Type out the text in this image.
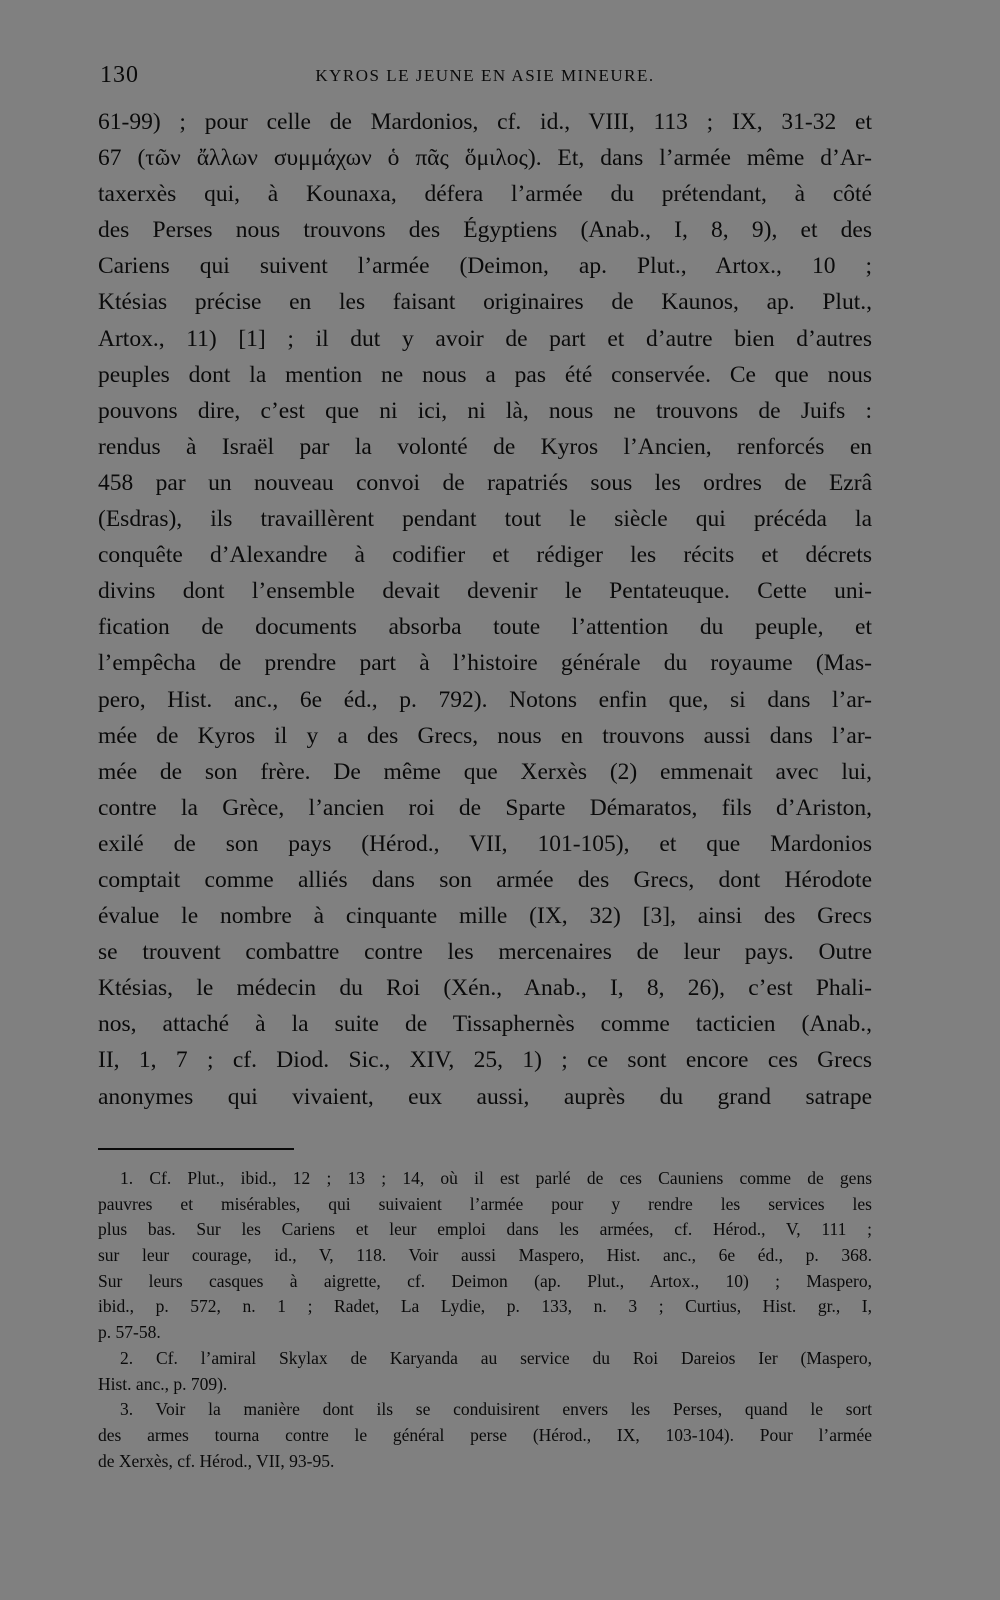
130	KYROS LE JEUNE EN ASIE MINEURE.
61-99) ; pour celle de Mardonios, cf. id., VIII, 113 ; IX, 31-32 et
67 (τῶν ἄλλων συμμάχων ὁ πᾶς ὅμιλος). Et, dans l’armée même d’Ar-
taxerxès qui, à Kounaxa, défera l’armée du prétendant, à côté
des Perses nous trouvons des Égyptiens (Anab., I, 8, 9), et des
Cariens qui suivent l’armée (Deimon, ap. Plut., Artox., 10 ;
Ktésias précise en les faisant originaires de Kaunos, ap. Plut.,
Artox., 11) [1] ; il dut y avoir de part et d’autre bien d’autres
peuples dont la mention ne nous a pas été conservée. Ce que nous
pouvons dire, c’est que ni ici, ni là, nous ne trouvons de Juifs :
rendus à Israël par la volonté de Kyros l’Ancien, renforcés en
458 par un nouveau convoi de rapatriés sous les ordres de Ezrâ
(Esdras), ils travaillèrent pendant tout le siècle qui précéda la
conquête d’Alexandre à codifier et rédiger les récits et décrets
divins dont l’ensemble devait devenir le Pentateuque. Cette uni-
fication de documents absorba toute l’attention du peuple, et
l’empêcha de prendre part à l’histoire générale du royaume (Mas-
pero, Hist. anc., 6e éd., p. 792). Notons enfin que, si dans l’ar-
mée de Kyros il y a des Grecs, nous en trouvons aussi dans l’ar-
mée de son frère. De même que Xerxès (2) emmenait avec lui,
contre la Grèce, l’ancien roi de Sparte Démaratos, fils d’Ariston,
exilé de son pays (Hérod., VII, 101-105), et que Mardonios
comptait comme alliés dans son armée des Grecs, dont Hérodote
évalue le nombre à cinquante mille (IX, 32) [3], ainsi des Grecs
se trouvent combattre contre les mercenaires de leur pays. Outre
Ktésias, le médecin du Roi (Xén., Anab., I, 8, 26), c’est Phali-
nos, attaché à la suite de Tissaphernès comme tacticien (Anab.,
II, 1, 7 ; cf. Diod. Sic., XIV, 25, 1) ; ce sont encore ces Grecs
anonymes qui vivaient, eux aussi, auprès du grand satrape
1. Cf. Plut., ibid., 12 ; 13 ; 14, où il est parlé de ces Cauniens comme de gens
pauvres et misérables, qui suivaient l’armée pour y rendre les services les
plus bas. Sur les Cariens et leur emploi dans les armées, cf. Hérod., V, 111 ;
sur leur courage, id., V, 118. Voir aussi Maspero, Hist. anc., 6e éd., p. 368.
Sur leurs casques à aigrette, cf. Deimon (ap. Plut., Artox., 10) ; Maspero,
ibid., p. 572, n. 1 ; Radet, La Lydie, p. 133, n. 3 ; Curtius, Hist. gr., I,
p. 57-58.
2. Cf. l’amiral Skylax de Karyanda au service du Roi Dareios Ier (Maspero,
Hist. anc., p. 709).
3. Voir la manière dont ils se conduisirent envers les Perses, quand le sort
des armes tourna contre le général perse (Hérod., IX, 103-104). Pour l’armée
de Xerxès, cf. Hérod., VII, 93-95.
